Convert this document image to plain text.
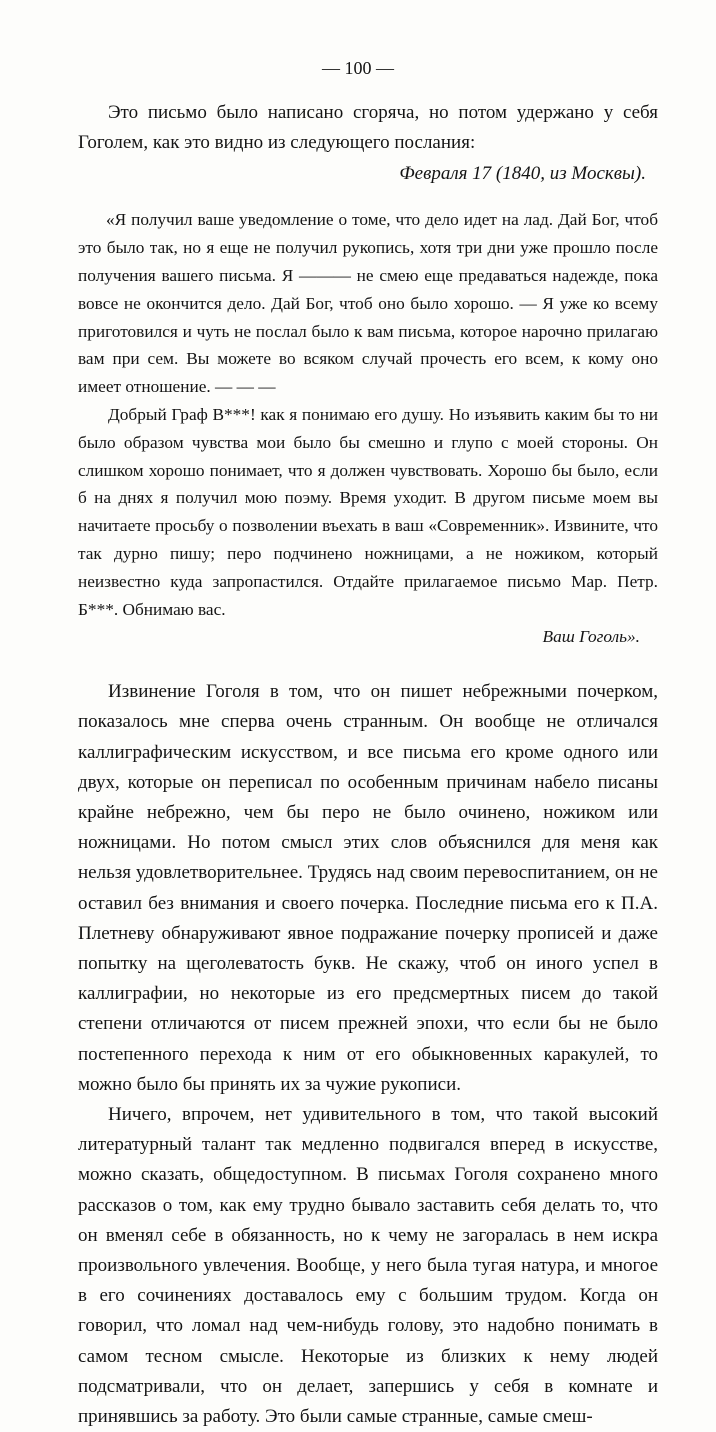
— 100 —

Это письмо было написано сгоряча, но потом удержано у себя Гоголем, как это видно из следующего послания:

Февраля 17 (1840, из Москвы).

«Я получил ваше уведомление о томе, что дело идет на лад. Дай Бог, чтоб это было так, но я еще не получил рукопись, хотя три дни уже прошло после получения вашего письма. Я ——— не смею еще предаваться надежде, пока вовсе не окончится дело. Дай Бог, чтоб оно было хорошо. — Я уже ко всему приготовился и чуть не послал было к вам письма, которое нарочно прилагаю вам при сем. Вы можете во всяком случай прочесть его всем, к кому оно имеет отношение. — — —

Добрый Граф В***! как я понимаю его душу. Но изъявить каким бы то ни было образом чувства мои было бы смешно и глупо с моей стороны. Он слишком хорошо понимает, что я должен чувствовать. Хорошо бы было, если б на днях я получил мою поэму. Время уходит. В другом письме моем вы начитаете просьбу о позволении въехать в ваш «Современник». Извините, что так дурно пишу; перо подчинено ножницами, а не ножиком, который неизвестно куда запропастился. Отдайте прилагаемое письмо Мар. Петр. Б***. Обнимаю вас.

Ваш Гоголь».

Извинение Гоголя в том, что он пишет небрежными почерком, показалось мне сперва очень странным. Он вообще не отличался каллиграфическим искусством, и все письма его кроме одного или двух, которые он переписал по особенным причинам набело писаны крайне небрежно, чем бы перо не было очинено, ножиком или ножницами. Но потом смысл этих слов объяснился для меня как нельзя удовлетворительнее. Трудясь над своим перевоспитанием, он не оставил без внимания и своего почерка. Последние письма его к П.А. Плетневу обнаруживают явное подражание почерку прописей и даже попытку на щеголеватость букв. Не скажу, чтоб он иного успел в каллиграфии, но некоторые из его предсмертных писем до такой степени отличаются от писем прежней эпохи, что если бы не было постепенного перехода к ним от его обыкновенных каракулей, то можно было бы принять их за чужие рукописи.

Ничего, впрочем, нет удивительного в том, что такой высокий литературный талант так медленно подвигался вперед в искусстве, можно сказать, общедоступном. В письмах Гоголя сохранено много рассказов о том, как ему трудно бывало заставить себя делать то, что он вменял себе в обязанность, но к чему не загоралась в нем искра произвольного увлечения. Вообще, у него была тугая натура, и многое в его сочинениях доставалось ему с большим трудом. Когда он говорил, что ломал над чем-нибудь голову, это надобно понимать в самом тесном смысле. Некоторые из близких к нему людей подсматривали, что он делает, запершись у себя в комнате и принявшись за работу. Это были самые странные, самые смеш-
